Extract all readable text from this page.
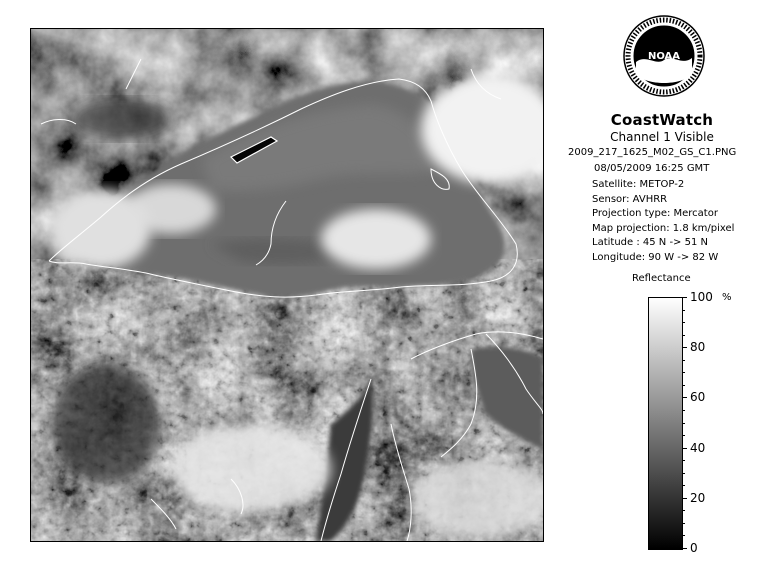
NOAA
CoastWatch
Channel 1 Visible
2009_217_1625_M02_GS_C1.PNG
08/05/2009 16:25 GMT
Satellite: METOP-2
Sensor: AVHRR
Projection type: Mercator
Map projection: 1.8 km/pixel
Latitude : 45 N -> 51 N
Longitude: 90 W -> 82 W
Reflectance
%
100
80
60
40
20
0
